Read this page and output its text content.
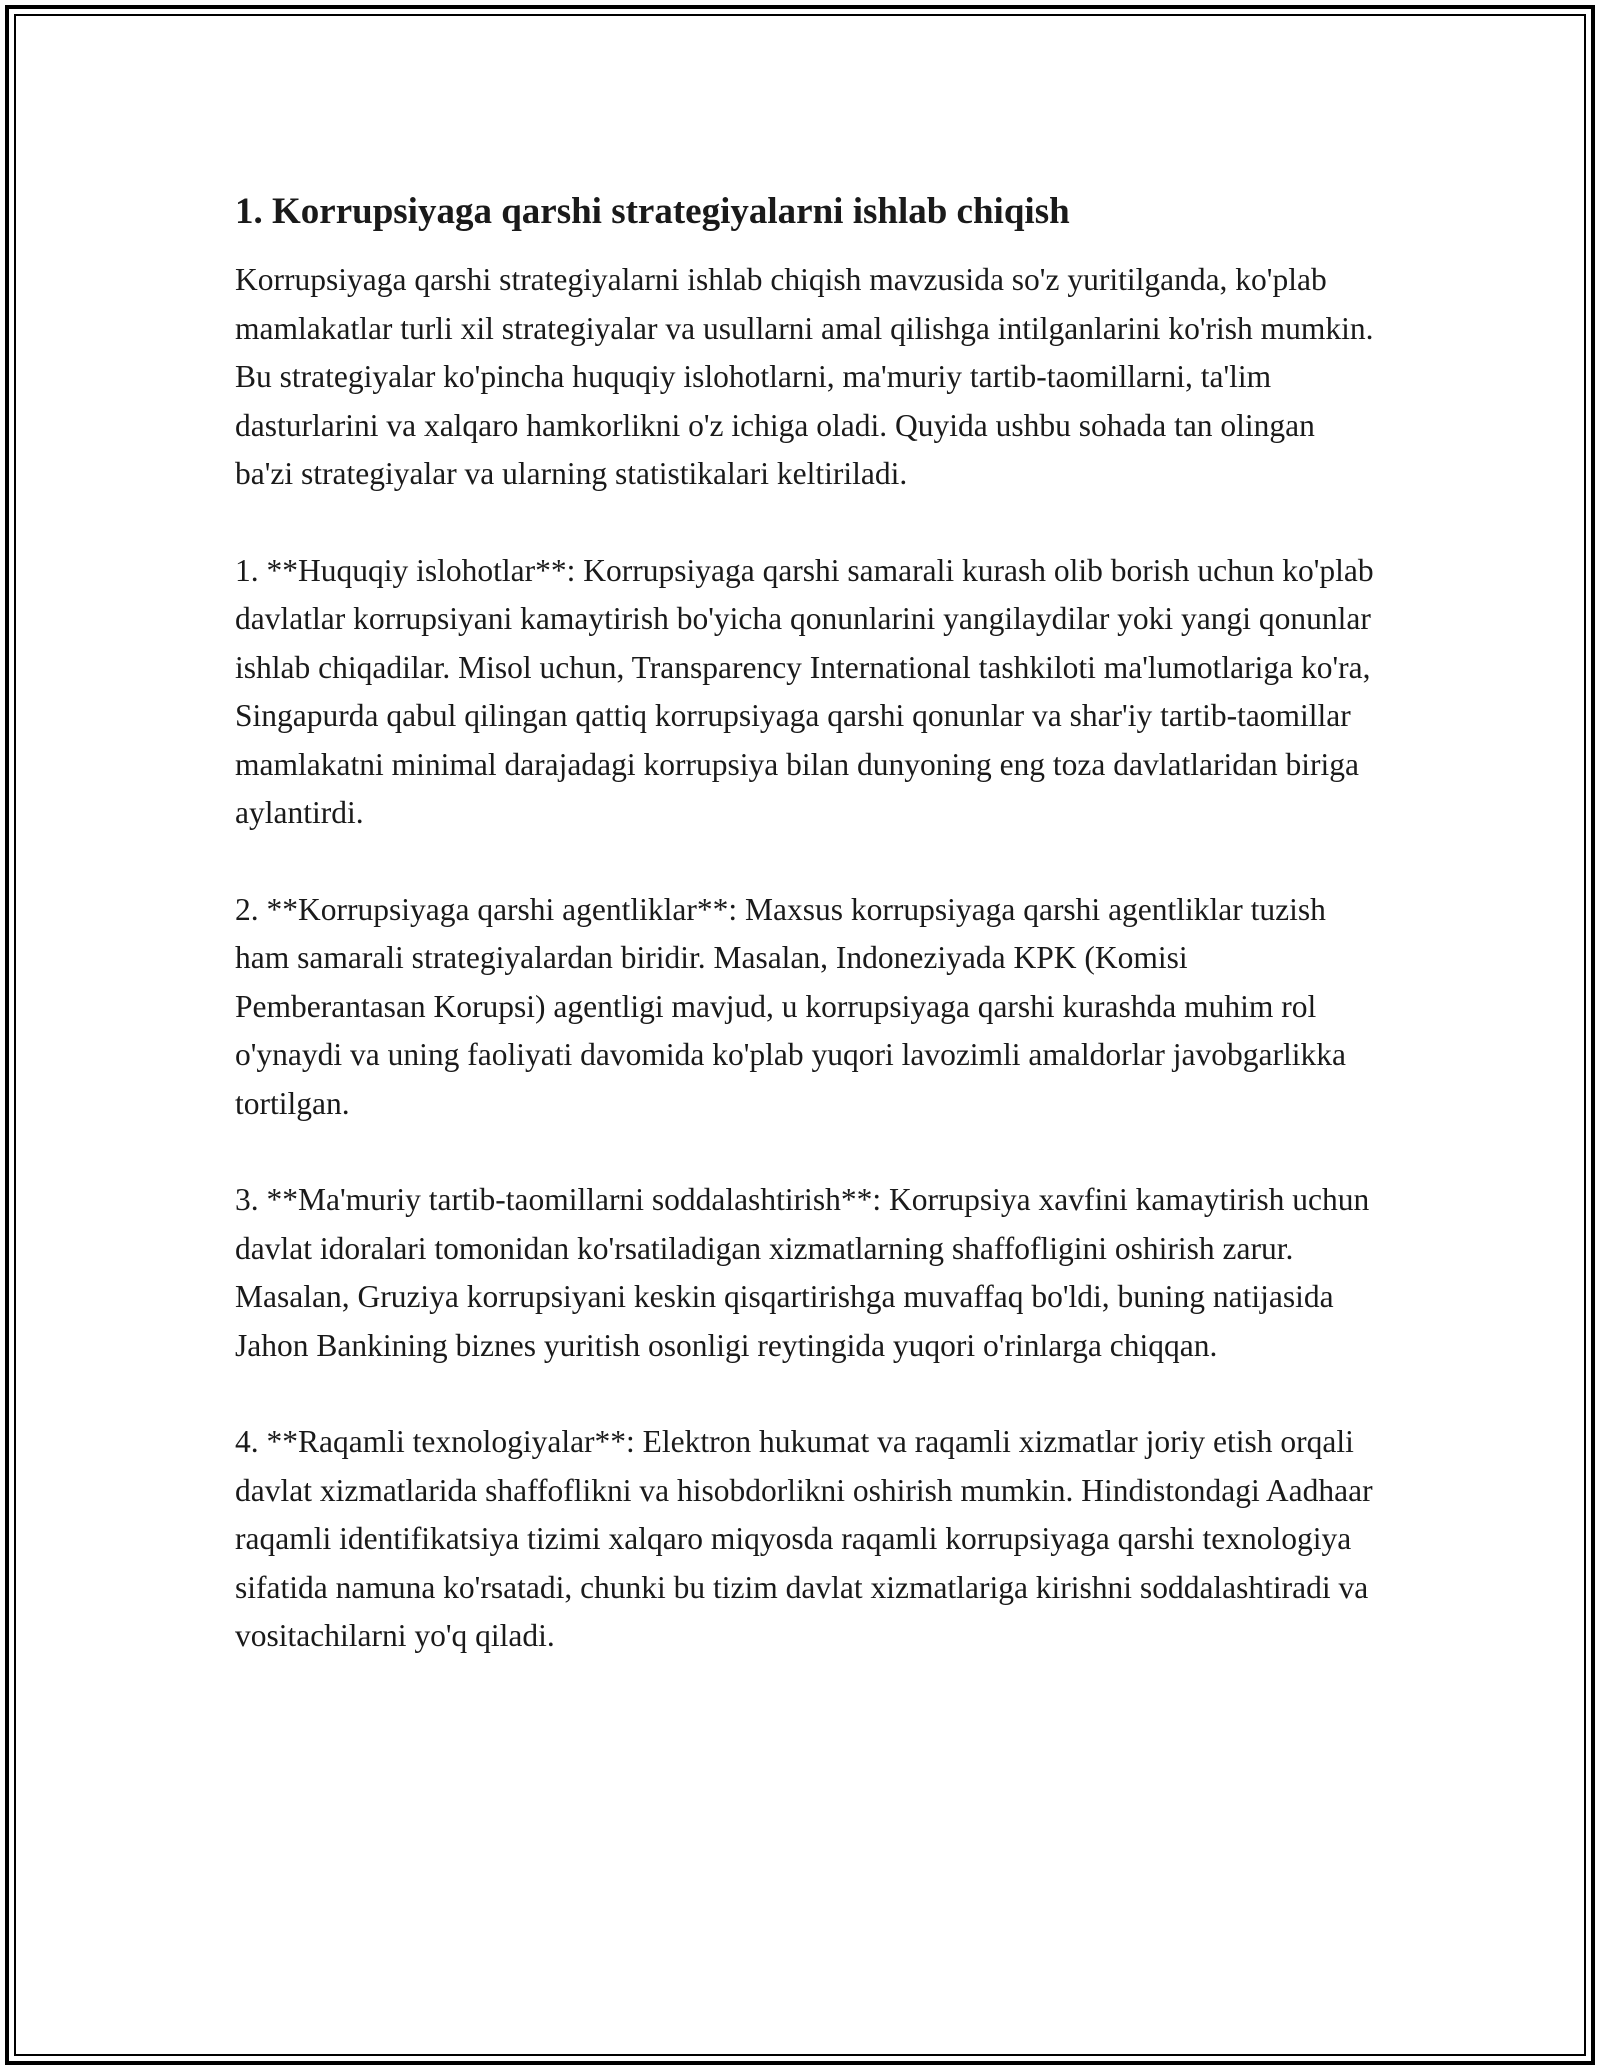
1. Korrupsiyaga qarshi strategiyalarni ishlab chiqish

Korrupsiyaga qarshi strategiyalarni ishlab chiqish mavzusida so'z yuritilganda, ko'plab mamlakatlar turli xil strategiyalar va usullarni amal qilishga intilganlarini ko'rish mumkin. Bu strategiyalar ko'pincha huquqiy islohotlarni, ma'muriy tartib-taomillarni, ta'lim dasturlarini va xalqaro hamkorlikni o'z ichiga oladi. Quyida ushbu sohada tan olingan ba'zi strategiyalar va ularning statistikalari keltiriladi.

1. **Huquqiy islohotlar**: Korrupsiyaga qarshi samarali kurash olib borish uchun ko'plab davlatlar korrupsiyani kamaytirish bo'yicha qonunlarini yangilaydilar yoki yangi qonunlar ishlab chiqadilar. Misol uchun, Transparency International tashkiloti ma'lumotlariga ko'ra, Singapurda qabul qilingan qattiq korrupsiyaga qarshi qonunlar va shar'iy tartib-taomillar mamlakatni minimal darajadagi korrupsiya bilan dunyoning eng toza davlatlaridan biriga aylantirdi.

2. **Korrupsiyaga qarshi agentliklar**: Maxsus korrupsiyaga qarshi agentliklar tuzish ham samarali strategiyalardan biridir. Masalan, Indoneziyada KPK (Komisi Pemberantasan Korupsi) agentligi mavjud, u korrupsiyaga qarshi kurashda muhim rol o'ynaydi va uning faoliyati davomida ko'plab yuqori lavozimli amaldorlar javobgarlikka tortilgan.

3. **Ma'muriy tartib-taomillarni soddalashtirish**: Korrupsiya xavfini kamaytirish uchun davlat idoralari tomonidan ko'rsatiladigan xizmatlarning shaffofligini oshirish zarur. Masalan, Gruziya korrupsiyani keskin qisqartirishga muvaffaq bo'ldi, buning natijasida Jahon Bankining biznes yuritish osonligi reytingida yuqori o'rinlarga chiqqan.

4. **Raqamli texnologiyalar**: Elektron hukumat va raqamli xizmatlar joriy etish orqali davlat xizmatlarida shaffoflikni va hisobdorlikni oshirish mumkin. Hindistondagi Aadhaar raqamli identifikatsiya tizimi xalqaro miqyosda raqamli korrupsiyaga qarshi texnologiya sifatida namuna ko'rsatadi, chunki bu tizim davlat xizmatlariga kirishni soddalashtiradi va vositachilarni yo'q qiladi.
